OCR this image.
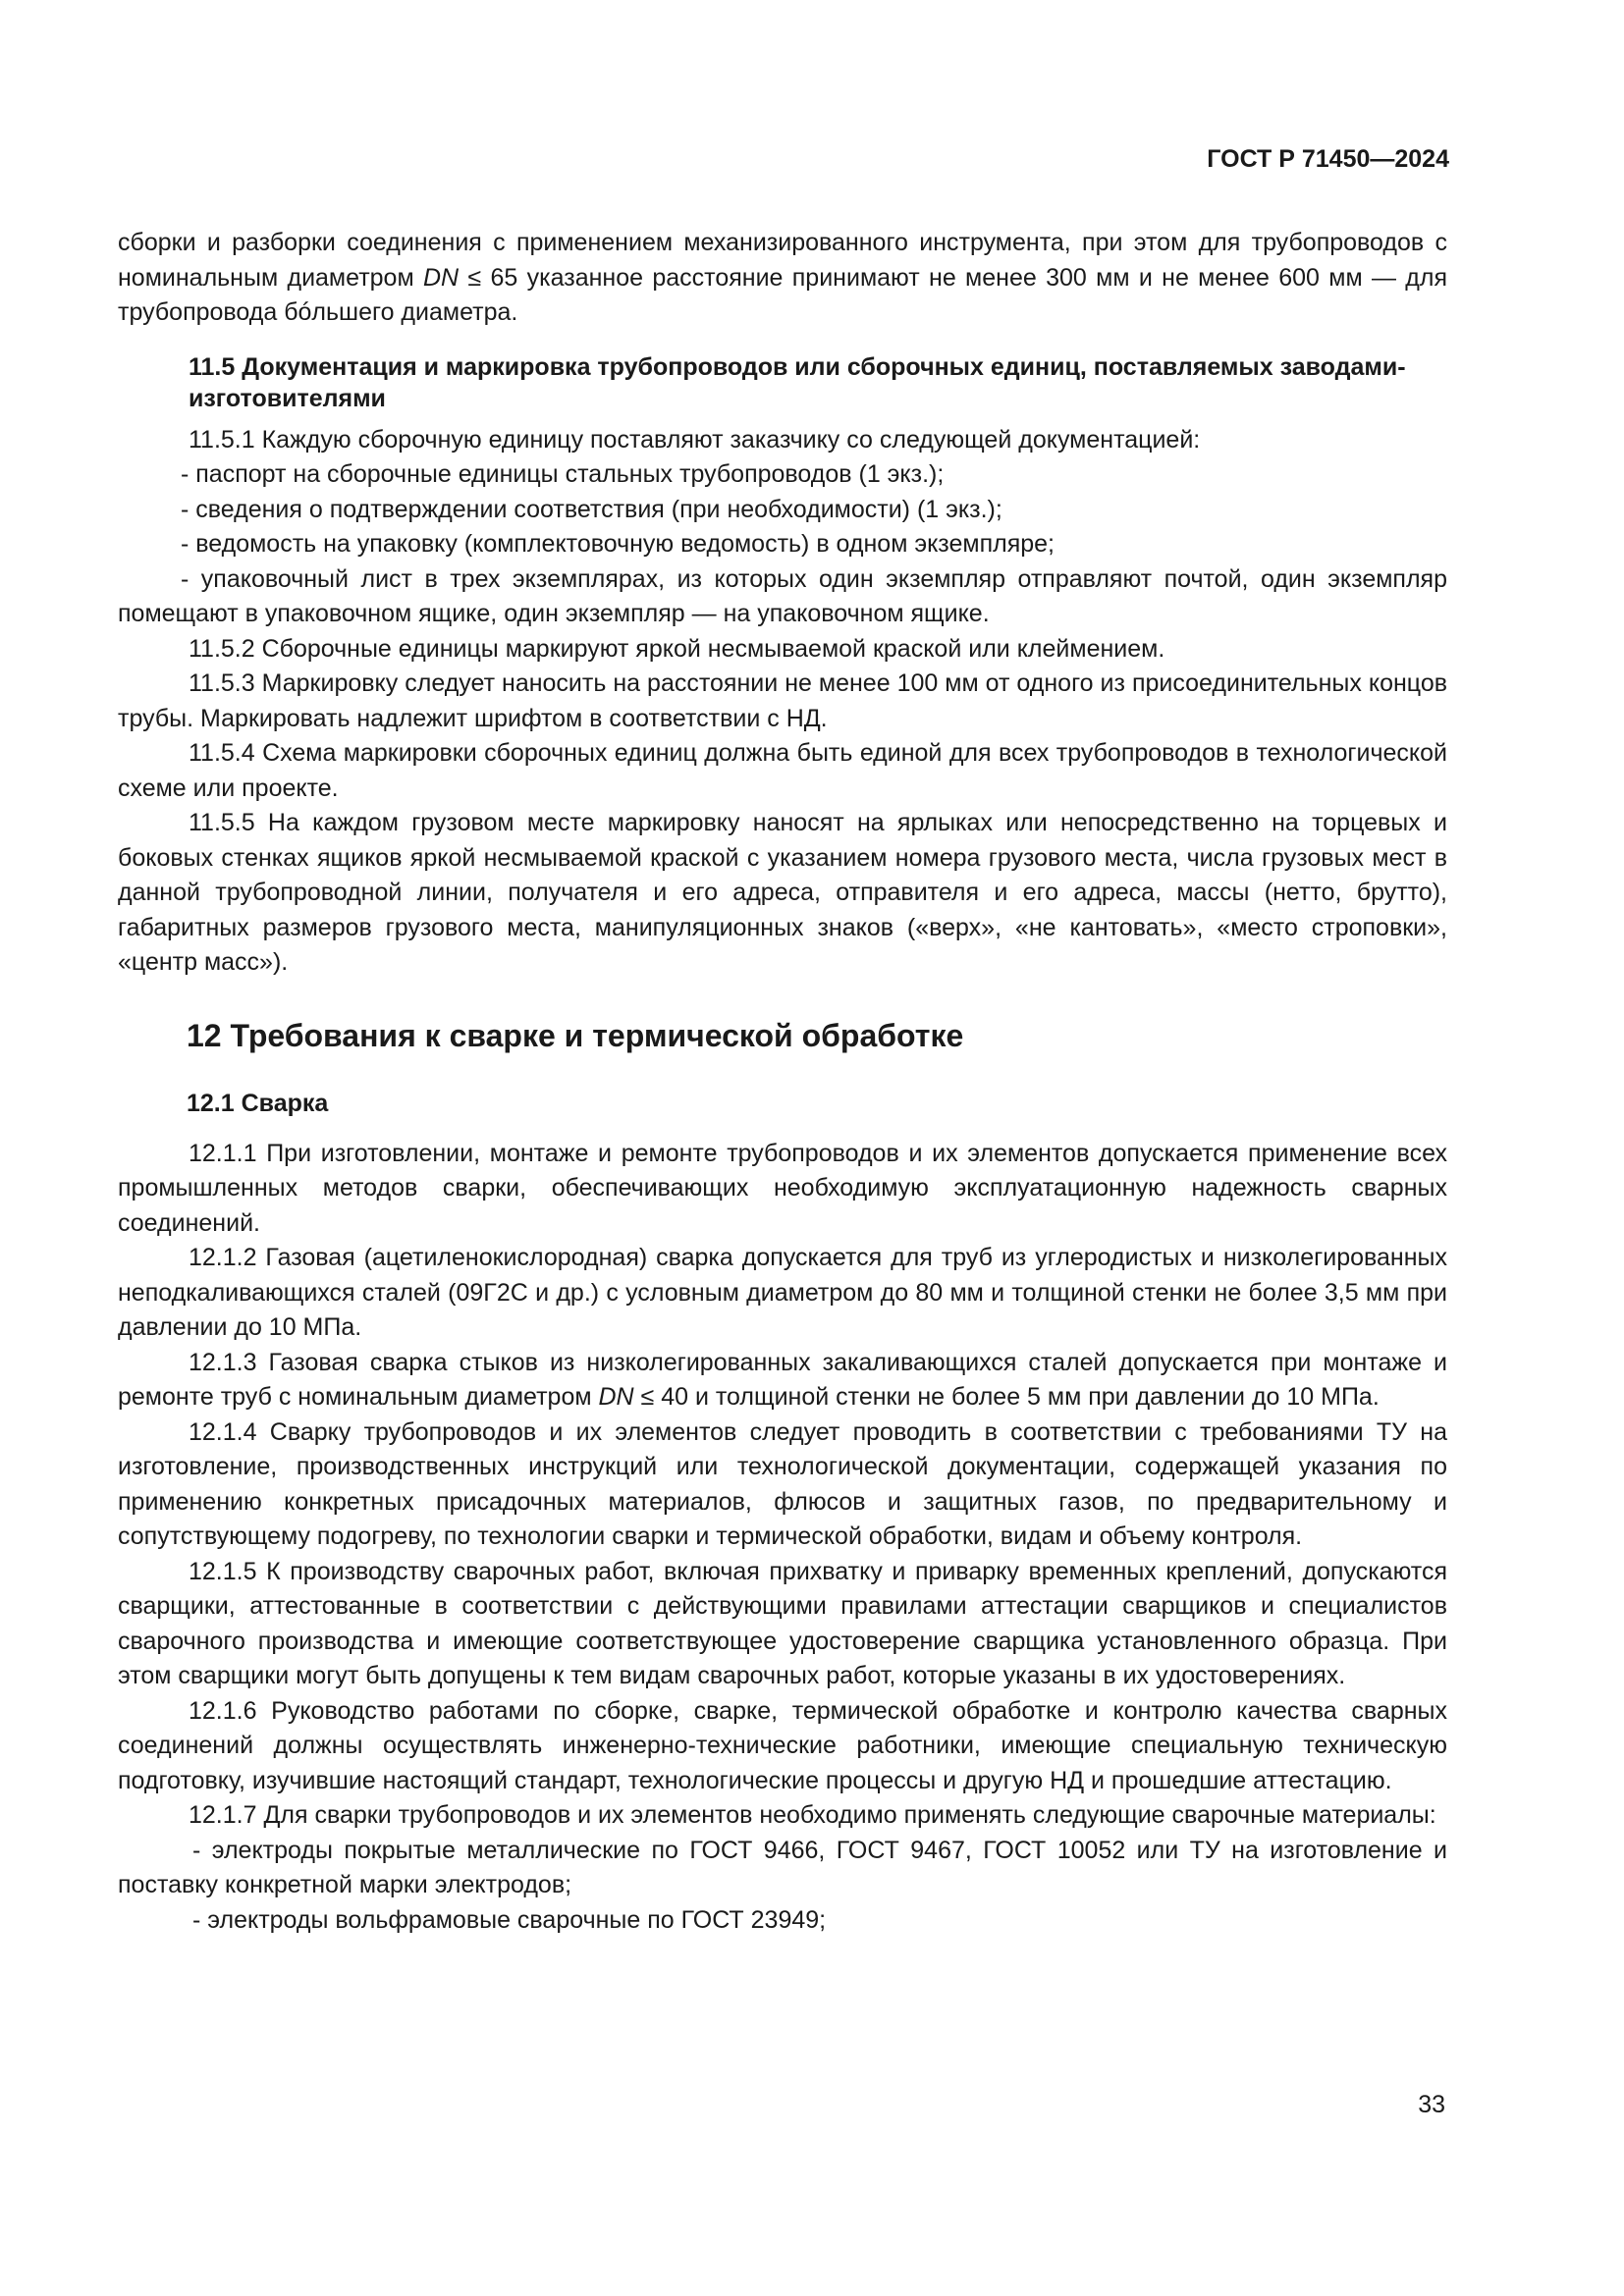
ГОСТ Р 71450—2024

сборки и разборки соединения с применением механизированного инструмента, при этом для трубопроводов с номинальным диаметром DN ≤ 65 указанное расстояние принимают не менее 300 мм и не менее 600 мм — для трубопровода бóльшего диаметра.

11.5 Документация и маркировка трубопроводов или сборочных единиц, поставляемых заводами-изготовителями

11.5.1 Каждую сборочную единицу поставляют заказчику со следующей документацией:

- паспорт на сборочные единицы стальных трубопроводов (1 экз.);

- сведения о подтверждении соответствия (при необходимости) (1 экз.);

- ведомость на упаковку (комплектовочную ведомость) в одном экземпляре;

- упаковочный лист в трех экземплярах, из которых один экземпляр отправляют почтой, один экземпляр помещают в упаковочном ящике, один экземпляр — на упаковочном ящике.

11.5.2 Сборочные единицы маркируют яркой несмываемой краской или клеймением.

11.5.3 Маркировку следует наносить на расстоянии не менее 100 мм от одного из присоединительных концов трубы. Маркировать надлежит шрифтом в соответствии с НД.

11.5.4 Схема маркировки сборочных единиц должна быть единой для всех трубопроводов в технологической схеме или проекте.

11.5.5 На каждом грузовом месте маркировку наносят на ярлыках или непосредственно на торцевых и боковых стенках ящиков яркой несмываемой краской с указанием номера грузового места, числа грузовых мест в данной трубопроводной линии, получателя и его адреса, отправителя и его адреса, массы (нетто, брутто), габаритных размеров грузового места, манипуляционных знаков («верх», «не кантовать», «место строповки», «центр масс»).

12 Требования к сварке и термической обработке
12.1 Сварка

12.1.1 При изготовлении, монтаже и ремонте трубопроводов и их элементов допускается применение всех промышленных методов сварки, обеспечивающих необходимую эксплуатационную надежность сварных соединений.

12.1.2 Газовая (ацетиленокислородная) сварка допускается для труб из углеродистых и низколегированных неподкаливающихся сталей (09Г2С и др.) с условным диаметром до 80 мм и толщиной стенки не более 3,5 мм при давлении до 10 МПа.

12.1.3 Газовая сварка стыков из низколегированных закаливающихся сталей допускается при монтаже и ремонте труб с номинальным диаметром DN ≤ 40 и толщиной стенки не более 5 мм при давлении до 10 МПа.

12.1.4 Сварку трубопроводов и их элементов следует проводить в соответствии с требованиями ТУ на изготовление, производственных инструкций или технологической документации, содержащей указания по применению конкретных присадочных материалов, флюсов и защитных газов, по предварительному и сопутствующему подогреву, по технологии сварки и термической обработки, видам и объему контроля.

12.1.5 К производству сварочных работ, включая прихватку и приварку временных креплений, допускаются сварщики, аттестованные в соответствии с действующими правилами аттестации сварщиков и специалистов сварочного производства и имеющие соответствующее удостоверение сварщика установленного образца. При этом сварщики могут быть допущены к тем видам сварочных работ, которые указаны в их удостоверениях.

12.1.6 Руководство работами по сборке, сварке, термической обработке и контролю качества сварных соединений должны осуществлять инженерно-технические работники, имеющие специальную техническую подготовку, изучившие настоящий стандарт, технологические процессы и другую НД и прошедшие аттестацию.

12.1.7 Для сварки трубопроводов и их элементов необходимо применять следующие сварочные материалы:

- электроды покрытые металлические по ГОСТ 9466, ГОСТ 9467, ГОСТ 10052 или ТУ на изготовление и поставку конкретной марки электродов;

- электроды вольфрамовые сварочные по ГОСТ 23949;

33
